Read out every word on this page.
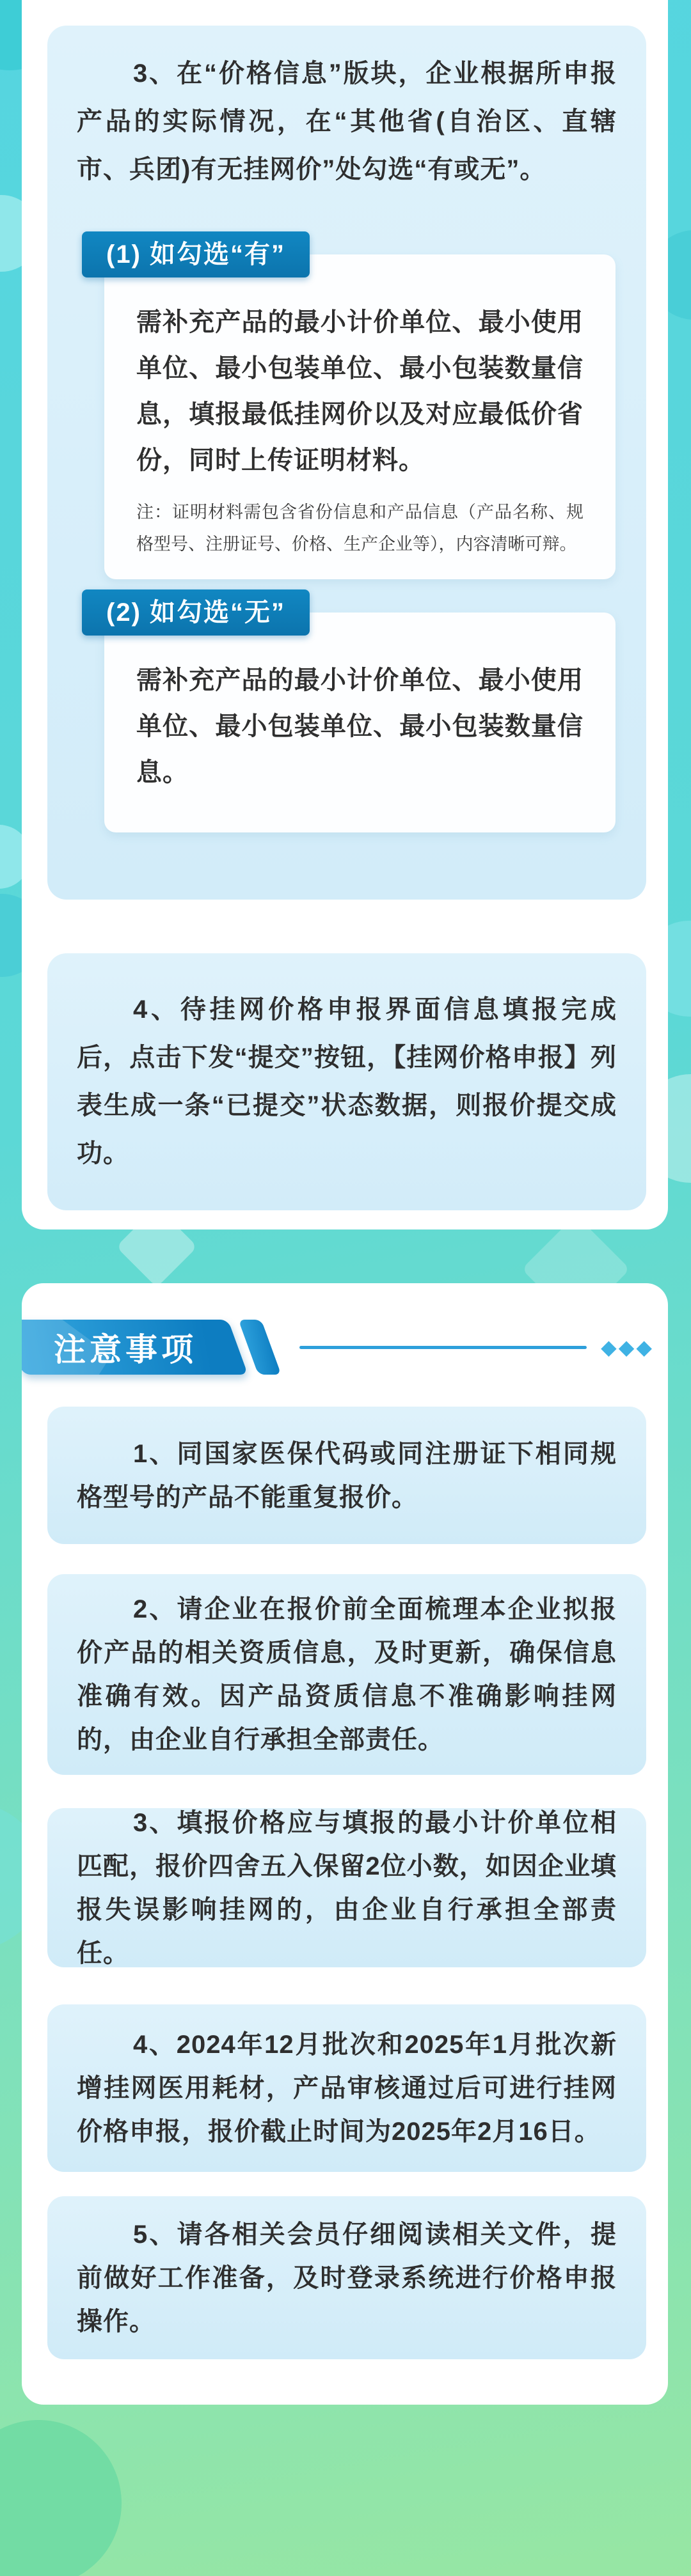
3、在“价格信息”版块，企业根据所申报产品的实际情况，在“其他省(自治区、直辖市、兵团)有无挂网价”处勾选“有或无”。

(1) 如勾选“有”

需补充产品的最小计价单位、最小使用单位、最小包装单位、最小包装数量信息，填报最低挂网价以及对应最低价省份，同时上传证明材料。

注：证明材料需包含省份信息和产品信息（产品名称、规格型号、注册证号、价格、生产企业等），内容清晰可辩。

(2) 如勾选“无”

需补充产品的最小计价单位、最小使用单位、最小包装单位、最小包装数量信息。

4、待挂网价格申报界面信息填报完成后，点击下发“提交”按钮，【挂网价格申报】列表生成一条“已提交”状态数据，则报价提交成功。

注意事项	◆◆◆

1、同国家医保代码或同注册证下相同规格型号的产品不能重复报价。

2、请企业在报价前全面梳理本企业拟报价产品的相关资质信息，及时更新，确保信息准确有效。因产品资质信息不准确影响挂网的，由企业自行承担全部责任。

3、填报价格应与填报的最小计价单位相匹配，报价四舍五入保留2位小数，如因企业填报失误影响挂网的，由企业自行承担全部责任。

4、2024年12月批次和2025年1月批次新增挂网医用耗材，产品审核通过后可进行挂网价格申报，报价截止时间为2025年2月16日。

5、请各相关会员仔细阅读相关文件，提前做好工作准备，及时登录系统进行价格申报操作。
